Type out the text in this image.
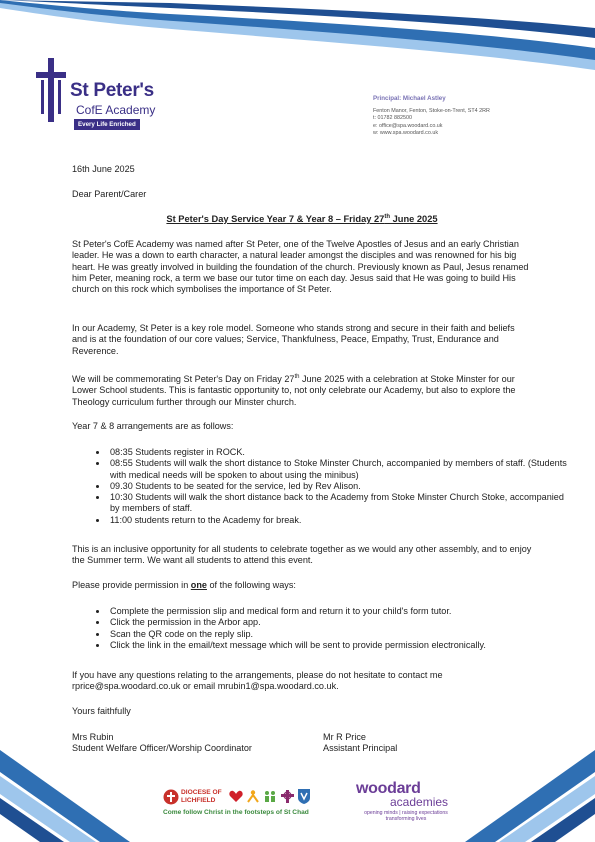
St Peter's
CofE Academy
Every Life Enriched
Principal: Michael Astley
Fenton Manor, Fenton, Stoke-on-Trent, ST4 2RR
t: 01782 882500
e: office@spa.woodard.co.uk
w: www.spa.woodard.co.uk
16th June 2025
Dear Parent/Carer
St Peter's Day Service Year 7 & Year 8 – Friday 27th June 2025

St Peter's CofE Academy was named after St Peter, one of the Twelve Apostles of Jesus and an early Christian leader. He was a down to earth character, a natural leader amongst the disciples and was renowned for his big heart. He was greatly involved in building the foundation of the church. Previously known as Paul, Jesus renamed him Peter, meaning rock, a term we base our tutor time on each day. Jesus said that He was going to build His church on this rock which symbolises the importance of St Peter.

In our Academy, St Peter is a key role model. Someone who stands strong and secure in their faith and beliefs and is at the foundation of our core values; Service, Thankfulness, Peace, Empathy, Trust, Endurance and Reverence.

We will be commemorating St Peter's Day on Friday 27th June 2025 with a celebration at Stoke Minster for our Lower School students. This is fantastic opportunity to, not only celebrate our Academy, but also to explore the Theology curriculum further through our Minster church.

Year 7 & 8 arrangements are as follows:
• 08:35 Students register in ROCK.
• 08:55 Students will walk the short distance to Stoke Minster Church, accompanied by members of staff. (Students with medical needs will be spoken to about using the minibus)
• 09.30 Students to be seated for the service, led by Rev Alison.
• 10:30 Students will walk the short distance back to the Academy from Stoke Minster Church Stoke, accompanied by members of staff.
• 11:00 students return to the Academy for break.

This is an inclusive opportunity for all students to celebrate together as we would any other assembly, and to enjoy the Summer term. We want all students to attend this event.

Please provide permission in one of the following ways:
• Complete the permission slip and medical form and return it to your child's form tutor.
• Click the permission in the Arbor app.
• Scan the QR code on the reply slip.
• Click the link in the email/text message which will be sent to provide permission electronically.
If you have any questions relating to the arrangements, please do not hesitate to contact me
rprice@spa.woodard.co.uk or email mrubin1@spa.woodard.co.uk.
Yours faithfully
Mrs Rubin
Student Welfare Officer/Worship Coordinator
Mr R Price
Assistant Principal
DIOCESE OF
LICHFIELD
Come follow Christ in the footsteps of St Chad
woodard
academies
opening minds | raising expectations
transforming lives
